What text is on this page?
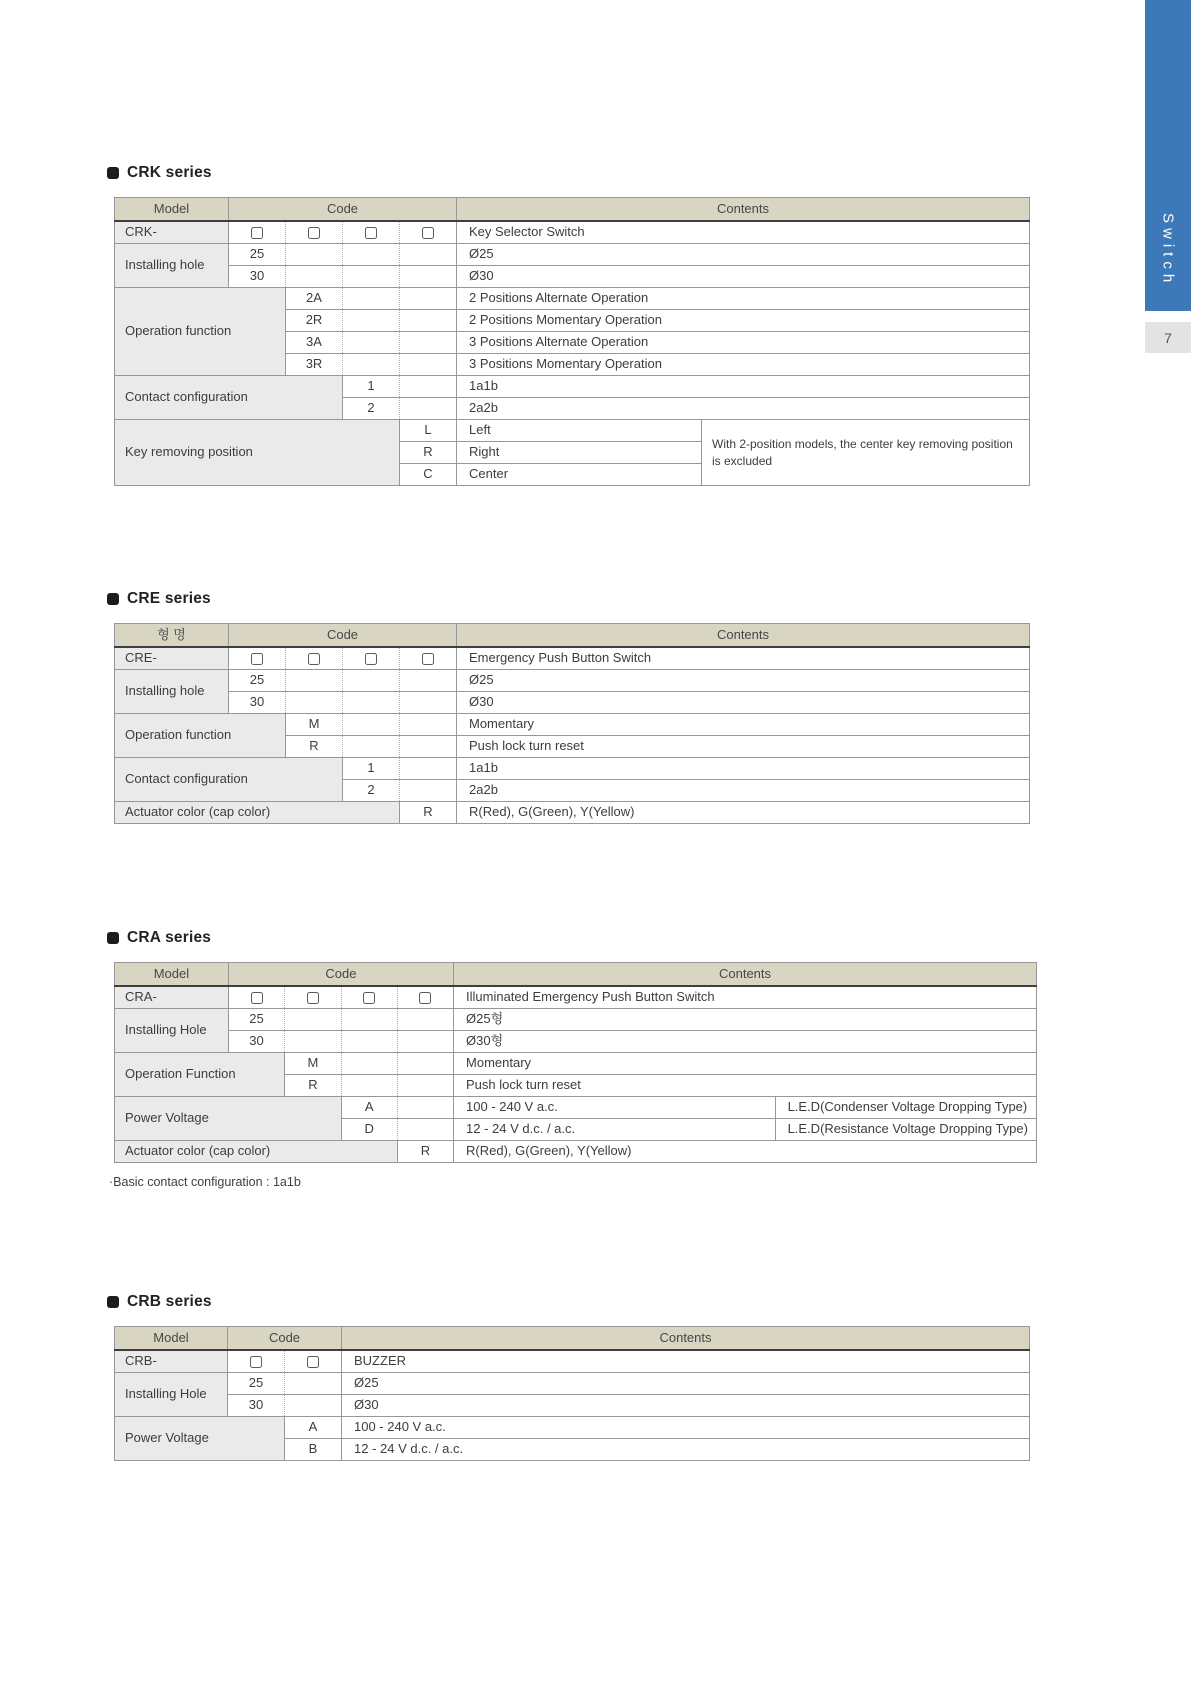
CRK series
Model	Code				Contents	
CRK-					Key Selector Switch	
Installing hole	25				Ø25	
	30				Ø30	
Operation function		2A			2 Positions Alternate Operation	
		2R			2 Positions Momentary Operation	
		3A			3 Positions Alternate Operation	
		3R			3 Positions Momentary Operation	
Contact configuration			1		1a1b	
			2		2a2b	
Key removing position				L	Left	With 2-position models, the center key removing position is excluded
				R	Right	
				C	Center	
CRE series
형 명	Code				Contents
CRE-					Emergency Push Button Switch
Installing hole	25				Ø25
	30				Ø30
Operation function		M			Momentary
		R			Push lock turn reset
Contact configuration			1		1a1b
			2		2a2b
Actuator color (cap color)				R	R(Red), G(Green), Y(Yellow)
CRA series
Model	Code				Contents	
CRA-					Illuminated Emergency Push Button Switch	
Installing Hole	25				Ø25형	
	30				Ø30형	
Operation Function		M			Momentary	
		R			Push lock turn reset	
Power Voltage			A		100 - 240 V a.c.	L.E.D(Condenser Voltage Dropping Type)
			D		12 - 24 V d.c. / a.c.	L.E.D(Resistance Voltage Dropping Type)
Actuator color (cap color)				R	R(Red), G(Green), Y(Yellow)	
·Basic contact configuration : 1a1b
CRB series
Model	Code		Contents
CRB-			BUZZER
Installing Hole	25		Ø25
	30		Ø30
Power Voltage		A	100 - 240 V a.c.
		B	12 - 24 V d.c. / a.c.
Switch
7
